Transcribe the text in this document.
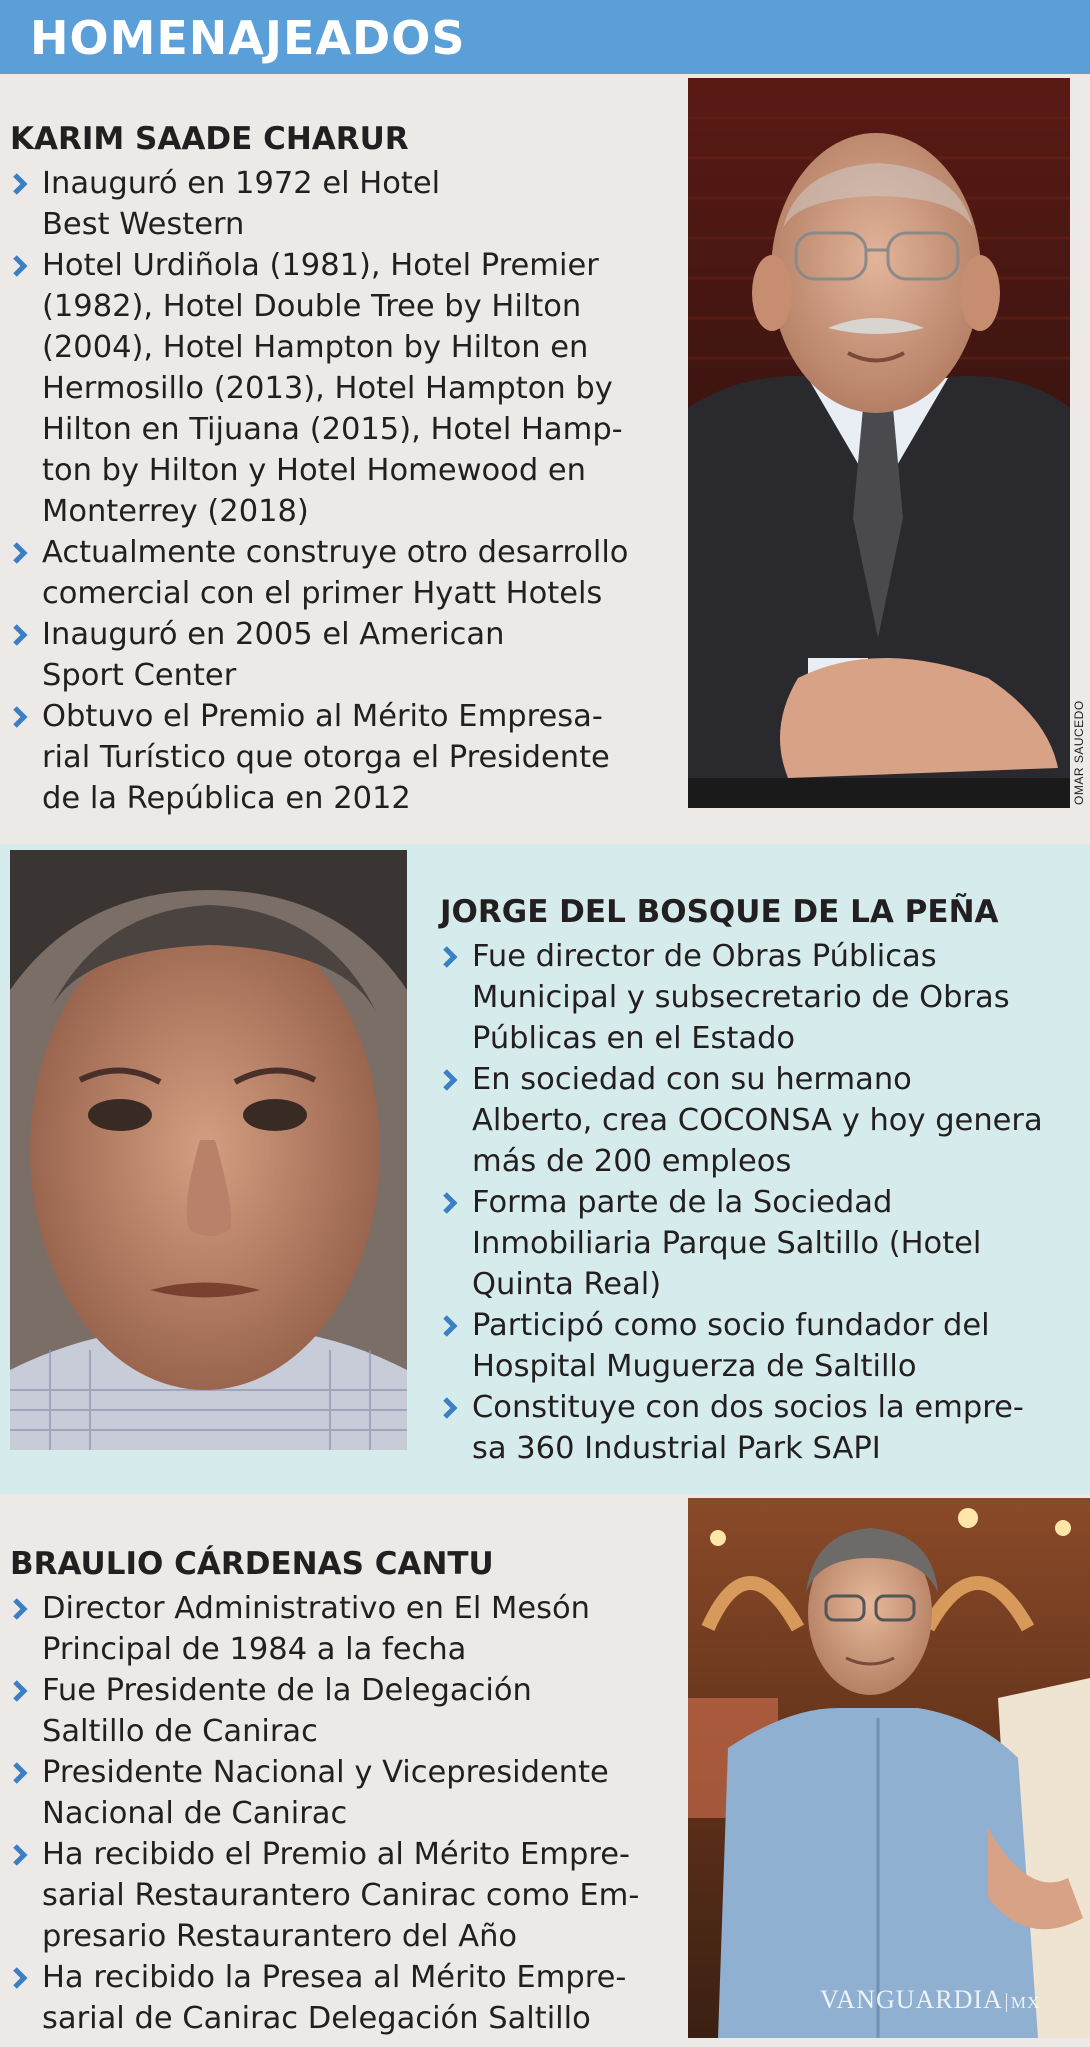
HOMENAJEADOS
KARIM SAADE CHARUR
Inauguró en 1972 el Hotel
Best Western
Hotel Urdiñola (1981), Hotel Premier
(1982), Hotel Double Tree by Hilton
(2004), Hotel Hampton by Hilton en
Hermosillo (2013), Hotel Hampton by
Hilton en Tijuana (2015), Hotel Hamp-
ton by Hilton y Hotel Homewood en
Monterrey (2018)
Actualmente construye otro desarrollo
comercial con el primer Hyatt Hotels
Inauguró en 2005 el American
Sport Center
Obtuvo el Premio al Mérito Empresa-
rial Turístico que otorga el Presidente
de la República en 2012	OMAR SAUCEDO
JORGE DEL BOSQUE DE LA PEÑA
Fue director de Obras Públicas
Municipal y subsecretario de Obras
Públicas en el Estado
En sociedad con su hermano
Alberto, crea COCONSA y hoy genera
más de 200 empleos
Forma parte de la Sociedad
Inmobiliaria Parque Saltillo (Hotel
Quinta Real)
Participó como socio fundador del
Hospital Muguerza de Saltillo
Constituye con dos socios la empre-
sa 360 Industrial Park SAPI
BRAULIO CÁRDENAS CANTU
Director Administrativo en El Mesón
Principal de 1984 a la fecha
Fue Presidente de la Delegación
Saltillo de Canirac
Presidente Nacional y Vicepresidente
Nacional de Canirac
Ha recibido el Premio al Mérito Empre-
sarial Restaurantero Canirac como Em-
presario Restaurantero del Año
Ha recibido la Presea al Mérito Empre-
sarial de Canirac Delegación Saltillo
VANGUARDIA MX
